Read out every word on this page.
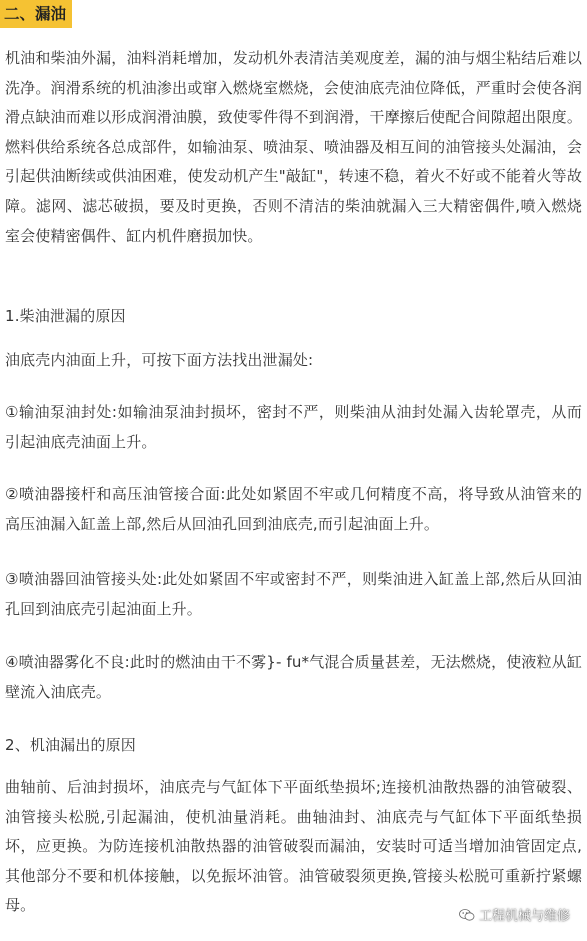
二、漏油

机油和柴油外漏，油料消耗增加，发动机外表清洁美观度差，漏的油与烟尘粘结后难以洗净。润滑系统的机油渗出或窜入燃烧室燃烧，会使油底壳油位降低，严重时会使各润滑点缺油而难以形成润滑油膜，致使零件得不到润滑，干摩擦后使配合间隙超出限度。燃料供给系统各总成部件，如输油泵、喷油泵、喷油器及相互间的油管接头处漏油，会引起供油断续或供油困难，使发动机产生"敲缸"，转速不稳，着火不好或不能着火等故障。滤网、滤芯破损，要及时更换，否则不清洁的柴油就漏入三大精密偶件,喷入燃烧室会使精密偶件、缸内机件磨损加快。

1.柴油泄漏的原因

油底壳内油面上升，可按下面方法找出泄漏处:

①输油泵油封处:如输油泵油封损坏，密封不严，则柴油从油封处漏入齿轮罩壳，从而引起油底壳油面上升。

②喷油器接杆和高压油管接合面:此处如紧固不牢或几何精度不高，将导致从油管来的高压油漏入缸盖上部,然后从回油孔回到油底壳,而引起油面上升。

③喷油器回油管接头处:此处如紧固不牢或密封不严，则柴油进入缸盖上部,然后从回油孔回到油底壳引起油面上升。

④喷油器雾化不良:此时的燃油由干不雾}- fu*气混合质量甚差，无法燃烧，使液粒从缸壁流入油底壳。

2、机油漏出的原因

曲轴前、后油封损坏，油底壳与气缸体下平面纸垫损坏;连接机油散热器的油管破裂、油管接头松脱,引起漏油，使机油量消耗。曲轴油封、油底壳与气缸体下平面纸垫损坏，应更换。为防连接机油散热器的油管破裂而漏油，安装时可适当增加油管固定点,其他部分不要和机体接触，以免振坏油管。油管破裂须更换,管接头松脱可重新拧紧螺母。

工程机械与维修
